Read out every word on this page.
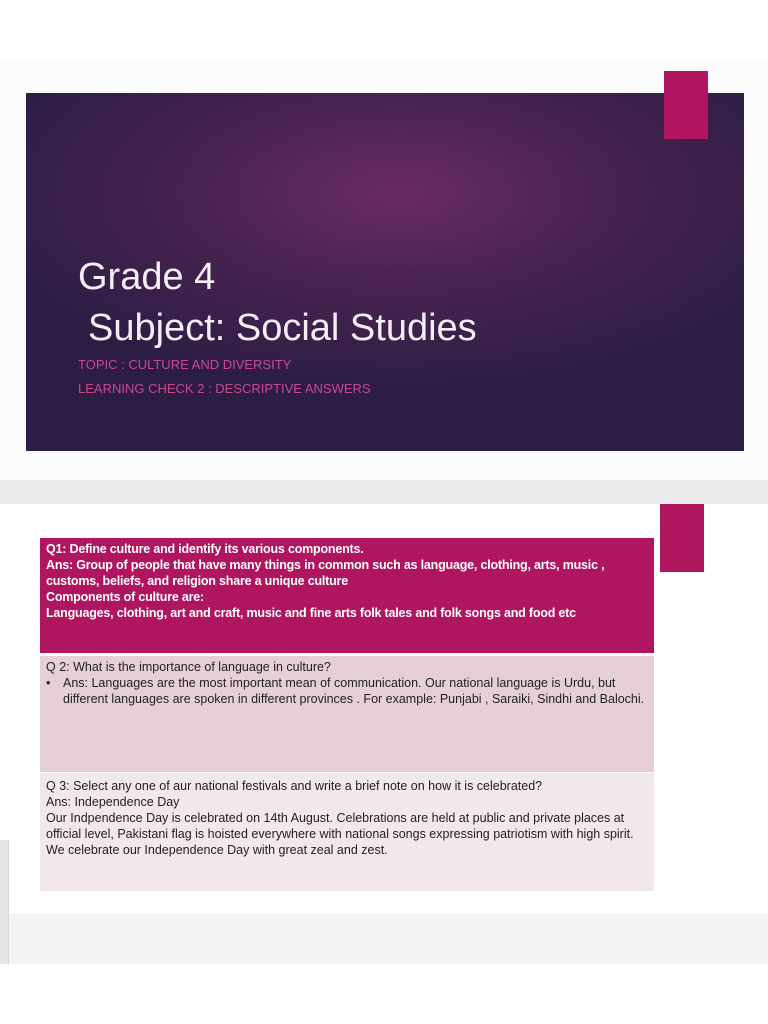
Grade 4
Subject: Social Studies
TOPIC : CULTURE AND DIVERSITY
LEARNING CHECK 2 : DESCRIPTIVE ANSWERS
Q1: Define culture and identify its various components.
Ans: Group of people that have many things in common such as language, clothing, arts, music , customs, beliefs, and religion share a unique culture
Components of culture are:
Languages, clothing, art and craft, music and fine arts folk tales and folk songs and food etc
Q 2: What is the importance of language in culture?
•	Ans: Languages are the most important mean of communication. Our national language is Urdu, but different languages are spoken in different provinces . For example: Punjabi , Saraiki, Sindhi and Balochi.
Q 3: Select any one of aur national festivals and write a brief note on how it is celebrated?
Ans: Independence Day
Our Indpendence Day is celebrated on 14th August. Celebrations are held at public and private places at official level, Pakistani flag is hoisted everywhere with national songs expressing patriotism with high spirit. We celebrate our Independence Day with great zeal and zest.
